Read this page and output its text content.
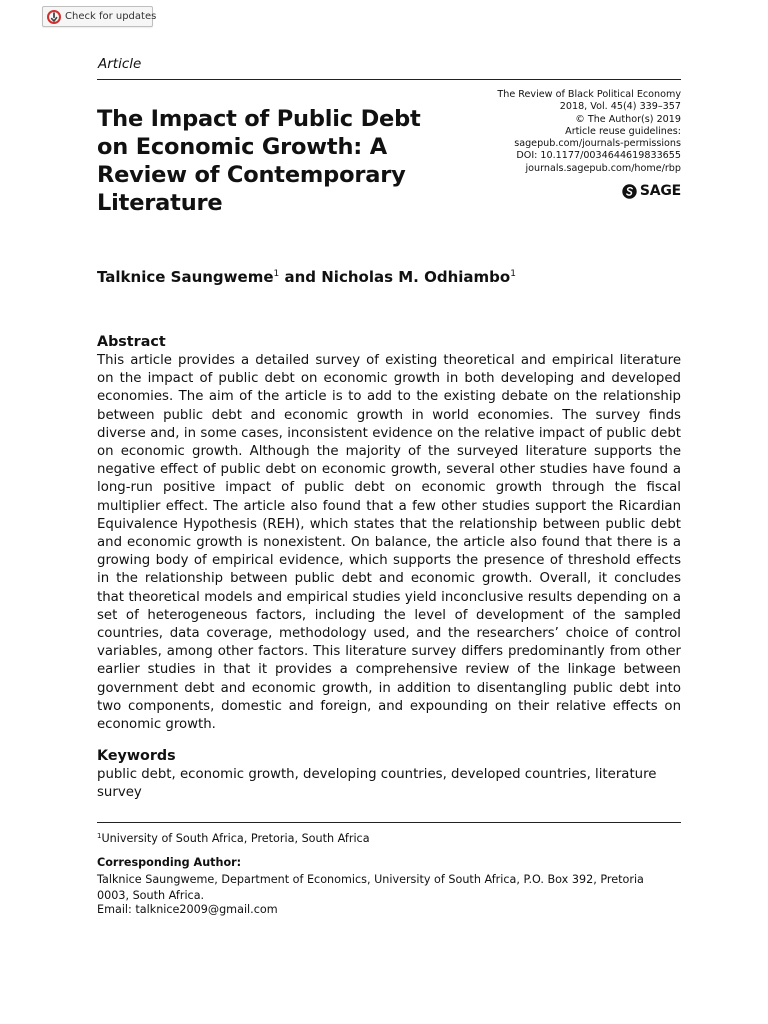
Check for updates
Article
The Impact of Public Debt on Economic Growth: A Review of Contemporary Literature
The Review of Black Political Economy
2018, Vol. 45(4) 339–357
© The Author(s) 2019
Article reuse guidelines:
sagepub.com/journals-permissions
DOI: 10.1177/0034644619833655
journals.sagepub.com/home/rbp
SAGE
Talknice Saungweme$^1$ and Nicholas M. Odhiambo$^1$
Abstract

This article provides a detailed survey of existing theoretical and empirical literature on the impact of public debt on economic growth in both developing and developed economies. The aim of the article is to add to the existing debate on the relationship between public debt and economic growth in world economies. The survey finds diverse and, in some cases, inconsistent evidence on the relative impact of public debt on economic growth. Although the majority of the surveyed literature supports the negative effect of public debt on economic growth, several other studies have found a long-run positive impact of public debt on economic growth through the fiscal multiplier effect. The article also found that a few other studies support the Ricardian Equivalence Hypothesis (REH), which states that the relationship between public debt and economic growth is nonexistent. On balance, the article also found that there is a growing body of empirical evidence, which supports the presence of threshold effects in the relationship between public debt and economic growth. Overall, it concludes that theoretical models and empirical studies yield inconclusive results depending on a set of heterogeneous factors, including the level of development of the sampled countries, data coverage, methodology used, and the researchers’ choice of control variables, among other factors. This literature survey differs predominantly from other earlier studies in that it provides a comprehensive review of the linkage between government debt and economic growth, in addition to disentangling public debt into two components, domestic and foreign, and expounding on their relative effects on economic growth.

Keywords

public debt, economic growth, developing countries, developed countries, literature survey

$^1$University of South Africa, Pretoria, South Africa
Corresponding Author:
Talknice Saungweme, Department of Economics, University of South Africa, P.O. Box 392, Pretoria 0003, South Africa.
Email: talknice2009@gmail.com
